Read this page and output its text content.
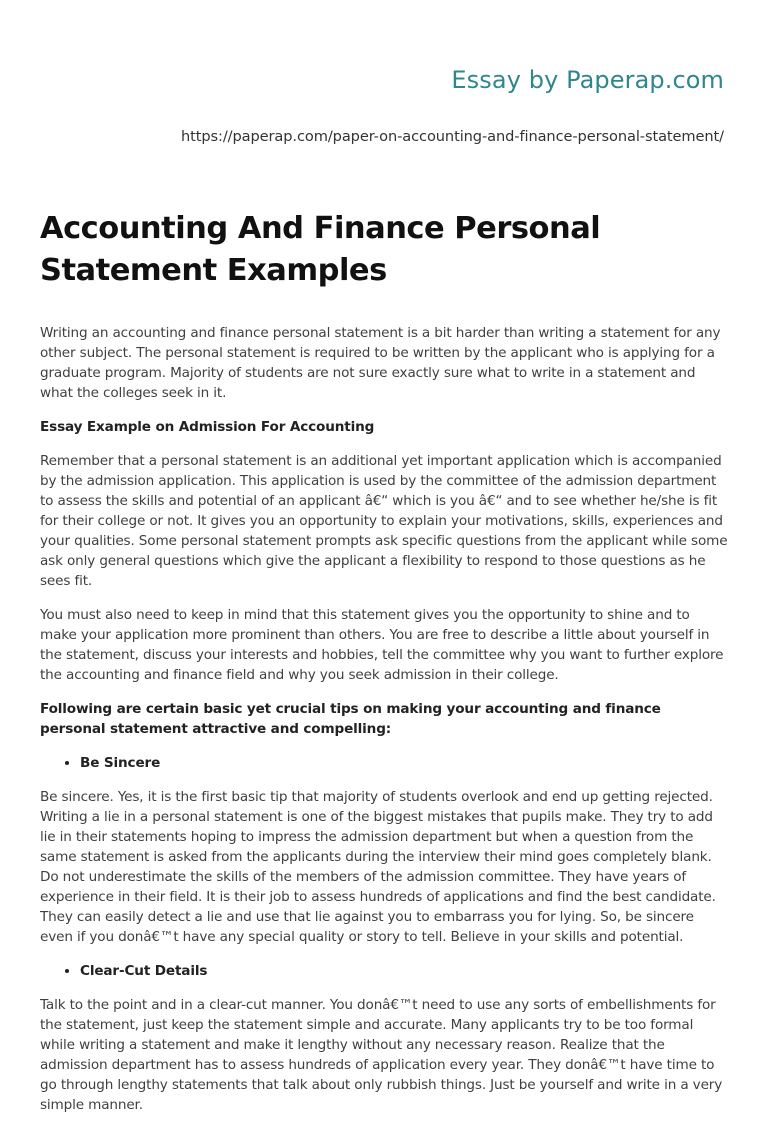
Essay by Paperap.com
https://paperap.com/paper-on-accounting-and-finance-personal-statement/
Accounting And Finance Personal Statement Examples

Writing an accounting and finance personal statement is a bit harder than writing a statement for any other subject. The personal statement is required to be written by the applicant who is applying for a graduate program. Majority of students are not sure exactly sure what to write in a statement and what the colleges seek in it.

Essay Example on Admission For Accounting

Remember that a personal statement is an additional yet important application which is accompanied by the admission application. This application is used by the committee of the admission department to assess the skills and potential of an applicant â€“ which is you â€“ and to see whether he/she is fit for their college or not. It gives you an opportunity to explain your motivations, skills, experiences and your qualities. Some personal statement prompts ask specific questions from the applicant while some ask only general questions which give the applicant a flexibility to respond to those questions as he sees fit.

You must also need to keep in mind that this statement gives you the opportunity to shine and to make your application more prominent than others. You are free to describe a little about yourself in the statement, discuss your interests and hobbies, tell the committee why you want to further explore the accounting and finance field and why you seek admission in their college.

Following are certain basic yet crucial tips on making your accounting and finance personal statement attractive and compelling:

• Be Sincere

Be sincere. Yes, it is the first basic tip that majority of students overlook and end up getting rejected. Writing a lie in a personal statement is one of the biggest mistakes that pupils make. They try to add lie in their statements hoping to impress the admission department but when a question from the same statement is asked from the applicants during the interview their mind goes completely blank. Do not underestimate the skills of the members of the admission committee. They have years of experience in their field. It is their job to assess hundreds of applications and find the best candidate. They can easily detect a lie and use that lie against you to embarrass you for lying. So, be sincere even if you donâ€™t have any special quality or story to tell. Believe in your skills and potential.

• Clear-Cut Details

Talk to the point and in a clear-cut manner. You donâ€™t need to use any sorts of embellishments for the statement, just keep the statement simple and accurate. Many applicants try to be too formal while writing a statement and make it lengthy without any necessary reason. Realize that the admission department has to assess hundreds of application every year. They donâ€™t have time to go through lengthy statements that talk about only rubbish things. Just be yourself and write in a very simple manner.
